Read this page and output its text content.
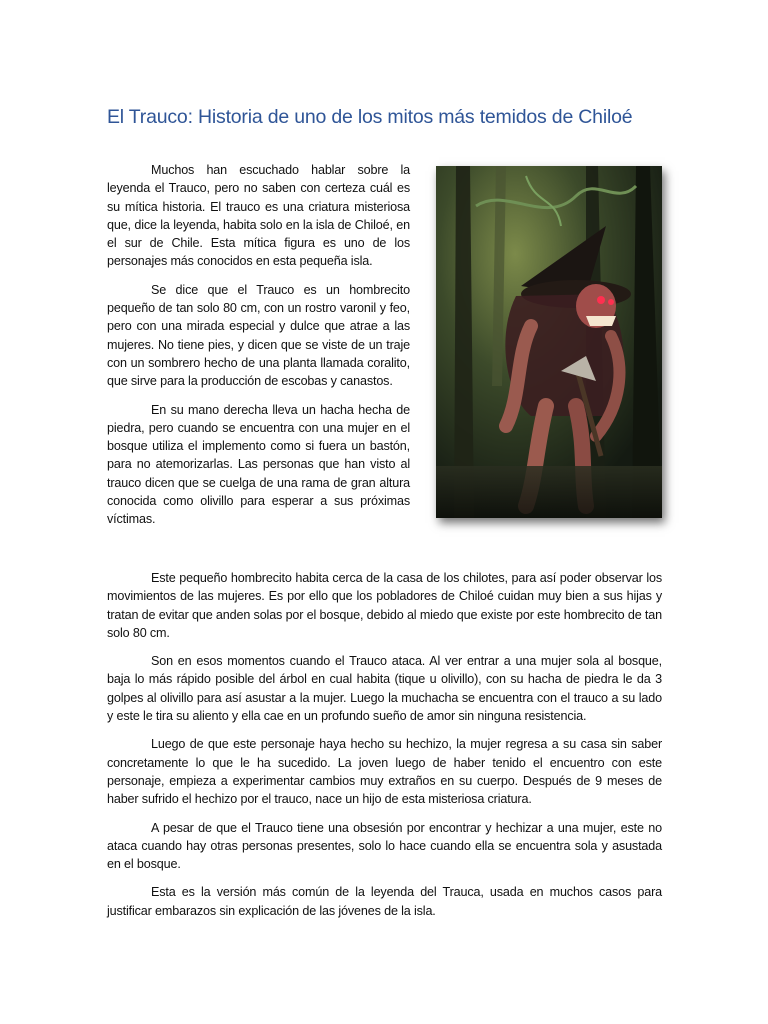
El Trauco: Historia de uno de los mitos más temidos de Chiloé

Muchos han escuchado hablar sobre la leyenda el Trauco, pero no saben con certeza cuál es su mítica historia. El trauco es una criatura misteriosa que, dice la leyenda, habita solo en la isla de Chiloé, en el sur de Chile. Esta mítica figura es uno de los personajes más conocidos en esta pequeña isla.

Se dice que el Trauco es un hombrecito pequeño de tan solo 80 cm, con un rostro varonil y feo, pero con una mirada especial y dulce que atrae a las mujeres. No tiene pies, y dicen que se viste de un traje con un sombrero hecho de una planta llamada coralito, que sirve para la producción de escobas y canastos.

En su mano derecha lleva un hacha hecha de piedra, pero cuando se encuentra con una mujer en el bosque utiliza el implemento como si fuera un bastón, para no atemorizarlas. Las personas que han visto al trauco dicen que se cuelga de una rama de gran altura conocida como olivillo para esperar a sus próximas víctimas.

Este pequeño hombrecito habita cerca de la casa de los chilotes, para así poder observar los movimientos de las mujeres. Es por ello que los pobladores de Chiloé cuidan muy bien a sus hijas y tratan de evitar que anden solas por el bosque, debido al miedo que existe por este hombrecito de tan solo 80 cm.

Son en esos momentos cuando el Trauco ataca. Al ver entrar a una mujer sola al bosque, baja lo más rápido posible del árbol en cual habita (tique u olivillo), con su hacha de piedra le da 3 golpes al olivillo para así asustar a la mujer. Luego la muchacha se encuentra con el trauco a su lado y este le tira su aliento y ella cae en un profundo sueño de amor sin ninguna resistencia.

Luego de que este personaje haya hecho su hechizo, la mujer regresa a su casa sin saber concretamente lo que le ha sucedido. La joven luego de haber tenido el encuentro con este personaje, empieza a experimentar cambios muy extraños en su cuerpo. Después de 9 meses de haber sufrido el hechizo por el trauco, nace un hijo de esta misteriosa criatura.

A pesar de que el Trauco tiene una obsesión por encontrar y hechizar a una mujer, este no ataca cuando hay otras personas presentes, solo lo hace cuando ella se encuentra sola y asustada en el bosque.

Esta es la versión más común de la leyenda del Trauca, usada en muchos casos para justificar embarazos sin explicación de las jóvenes de la isla.
